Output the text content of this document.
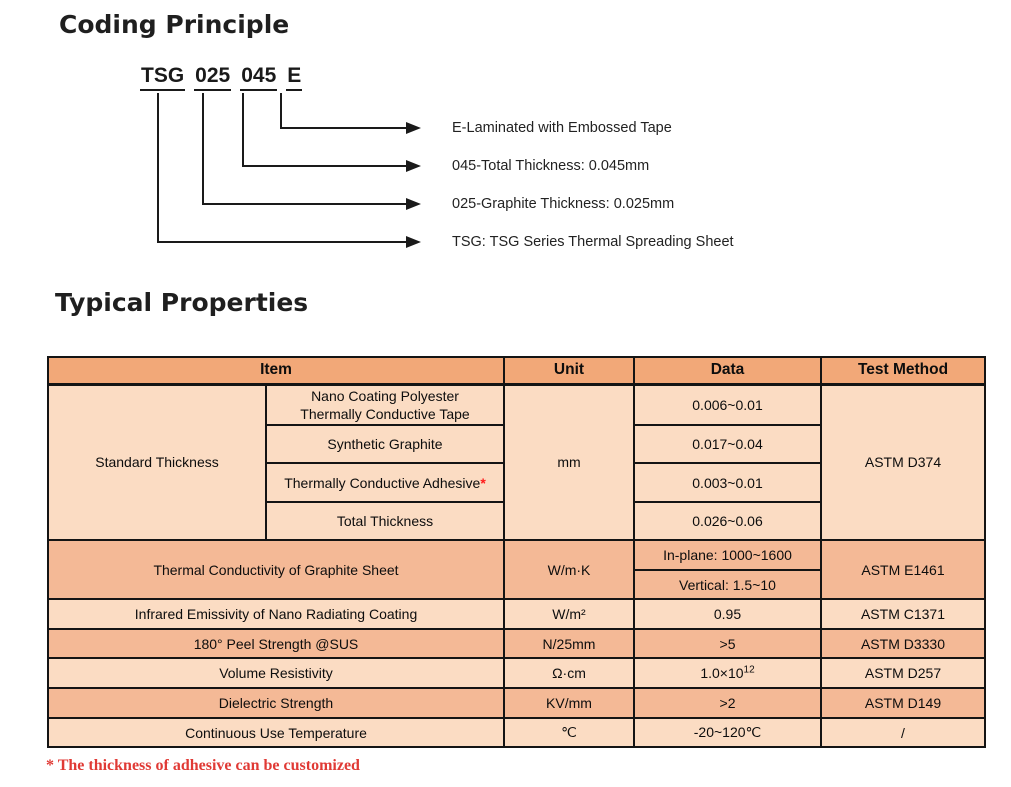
Coding Principle
TSG 025 045 E
E-Laminated with Embossed Tape
045-Total Thickness: 0.045mm
025-Graphite Thickness: 0.025mm
TSG: TSG Series Thermal Spreading Sheet
Typical Properties
Item		Unit	Data	Test Method
Standard Thickness	Nano Coating Polyester
Thermally Conductive Tape	mm	0.006~0.01	ASTM D374
	Synthetic Graphite		0.017~0.04	
	Thermally Conductive Adhesive*		0.003~0.01	
	Total Thickness		0.026~0.06	
Thermal Conductivity of Graphite Sheet		W/m·K	In-plane: 1000~1600	ASTM E1461
			Vertical: 1.5~10	
Infrared Emissivity of Nano Radiating Coating		W/m²	0.95	ASTM C1371
180° Peel Strength @SUS		N/25mm	>5	ASTM D3330
Volume Resistivity		Ω·cm	$1.0\times 10^{12}$	ASTM D257
Dielectric Strength		KV/mm	>2	ASTM D149
Continuous Use Temperature		℃	-20~120℃	/
* The thickness of adhesive can be customized
